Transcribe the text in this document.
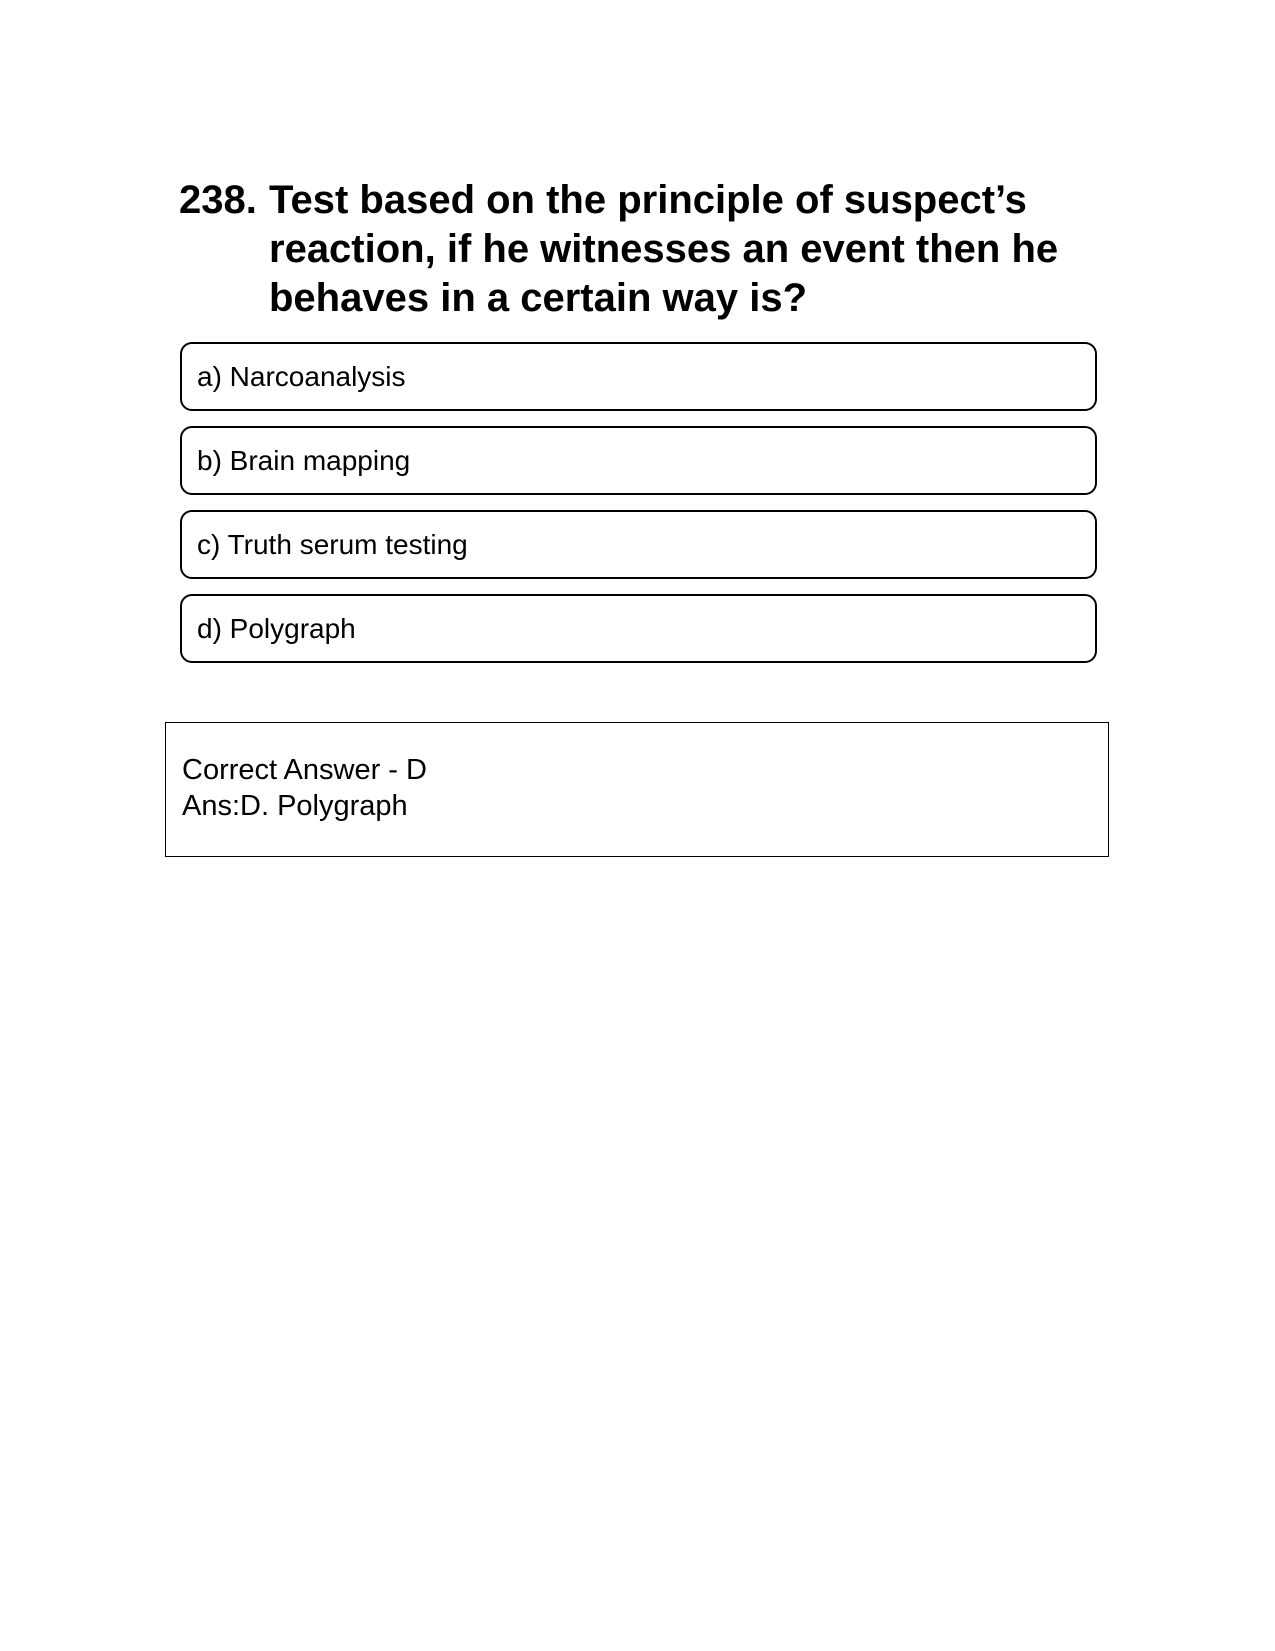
238. Test based on the principle of suspect’s reaction, if he witnesses an event then he behaves in a certain way is?
a) Narcoanalysis
b) Brain mapping
c) Truth serum testing
d) Polygraph
Correct Answer - D
Ans:D. Polygraph
